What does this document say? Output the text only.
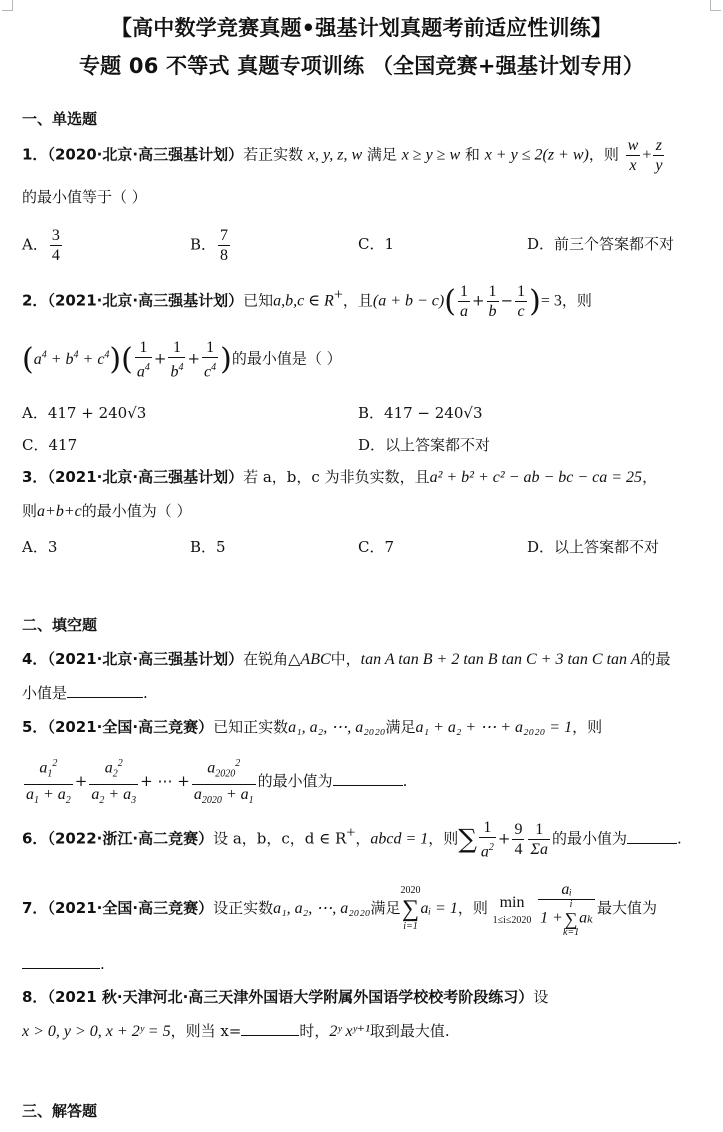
【高中数学竞赛真题•强基计划真题考前适应性训练】
专题 06 不等式 真题专项训练 （全国竞赛+强基计划专用）
一、单选题
1．（2020·北京·高三强基计划）若正实数 x, y, z, w 满足 x ≥ y ≥ w 和 x + y ≤ 2(z + w)，则 $\frac{w}{x} + \frac{z}{y}$
的最小值等于（ ）
A． $\frac{3}{4}$	B． $\frac{7}{8}$	C．1	D．前三个答案都不对
2．（2021·北京·高三强基计划）已知a,b,c ∈ R+，且$(a + b - c)( \frac{1}{a} + \frac{1}{b} - \frac{1}{c}$ )= 3，则
$(a^4 + b^4 + c^4)( \frac{1}{a^4} + \frac{1}{b^4} + \frac{1}{c^4}$ )的最小值是（ ）
A．417 + 240√3	B．417 − 240√3
C．417	D．以上答案都不对
3．（2021·北京·高三强基计划）若 a，b，c 为非负实数，且a² + b² + c² − ab − bc − ca = 25，
则a+b+c的最小值为（ ）
A．3	B．5	C．7	D．以上答案都不对
二、填空题
4．（2021·北京·高三强基计划）在锐角△ABC中，tan A tan B + 2 tan B tan C + 3 tan C tan A的最
小值是	.
5．（2021·全国·高三竞赛）已知正实数a₁, a₂, ⋯, a₂₀₂₀满足a₁ + a₂ + ⋯ + a₂₀₂₀ = 1，则
$\frac{a_1^2}{a_1 + a_2} + \frac{a_2^2}{a_2 + a_3}$ + ⋯ + $\frac{a_{2020}^2}{a_{2020} + a_1}$ 的最小值为	.
6．（2022·浙江·高二竞赛）设 a，b，c，d ∈ R+，abcd = 1，则∑ $\frac{1}{a^2} + \frac{9}{4} \frac{1}{\Sigma a}$ 的最小值为	.
7．（2021·全国·高三竞赛）设正实数a₁, a₂, ⋯, a₂₀₂₀满足
2020
∑
i=1
aᵢ = 1，则 min
1≤i≤2020
aᵢ
1 +
i
∑
k=1
aₖ 最大值为
.
8．（2021 秋·天津河北·高三天津外国语大学附属外国语学校校考阶段练习）设
x > 0, y > 0, x + 2ʸ = 5，则当 x=	时，2ʸ xʸ⁺¹取到最大值.
三、解答题
